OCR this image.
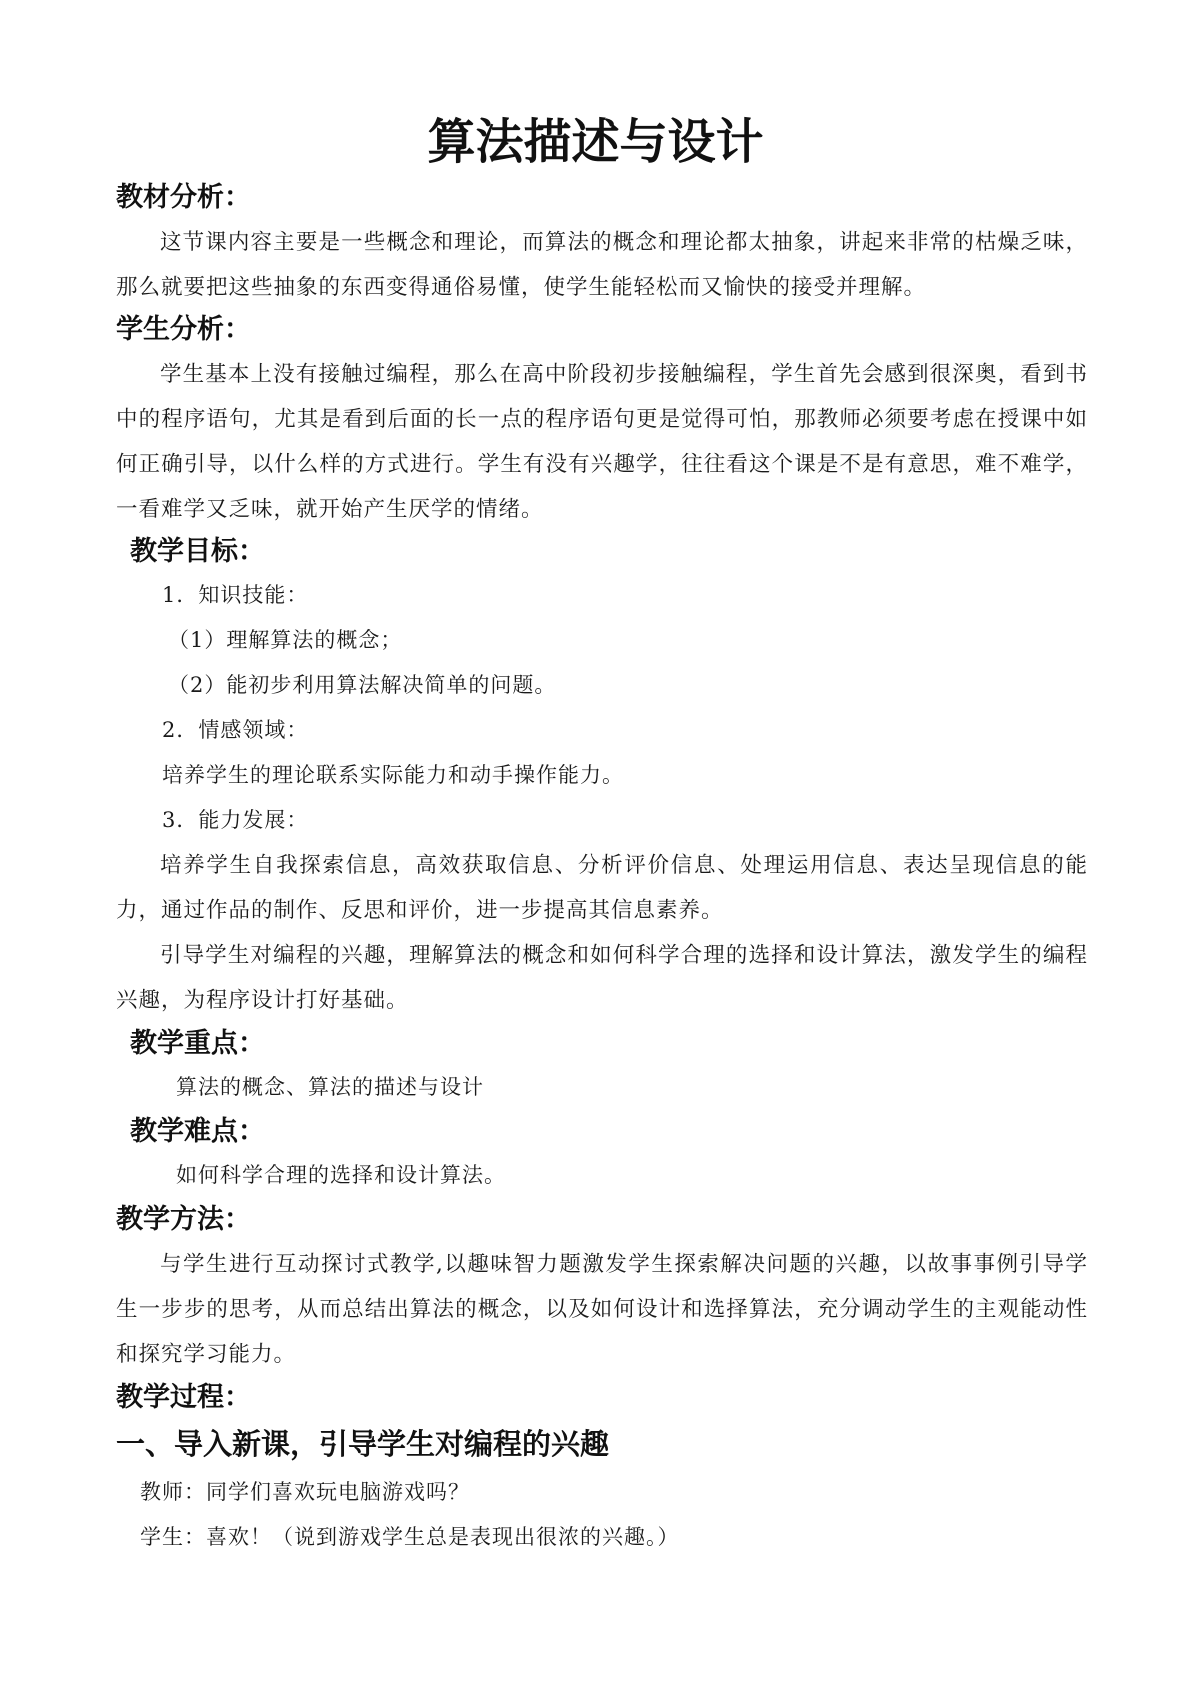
算法描述与设计
教材分析：

这节课内容主要是一些概念和理论，而算法的概念和理论都太抽象，讲起来非常的枯燥乏味，那么就要把这些抽象的东西变得通俗易懂，使学生能轻松而又愉快的接受并理解。

学生分析：

学生基本上没有接触过编程，那么在高中阶段初步接触编程，学生首先会感到很深奥，看到书中的程序语句，尤其是看到后面的长一点的程序语句更是觉得可怕，那教师必须要考虑在授课中如何正确引导，以什么样的方式进行。学生有没有兴趣学，往往看这个课是不是有意思，难不难学，一看难学又乏味，就开始产生厌学的情绪。

教学目标：

1．知识技能：

（1）理解算法的概念；

（2）能初步利用算法解决简单的问题。

2．情感领域：

培养学生的理论联系实际能力和动手操作能力。

3．能力发展：

培养学生自我探索信息，高效获取信息、分析评价信息、处理运用信息、表达呈现信息的能力，通过作品的制作、反思和评价，进一步提高其信息素养。

引导学生对编程的兴趣，理解算法的概念和如何科学合理的选择和设计算法，激发学生的编程兴趣，为程序设计打好基础。

教学重点：

算法的概念、算法的描述与设计

教学难点：

如何科学合理的选择和设计算法。

教学方法：

与学生进行互动探讨式教学,以趣味智力题激发学生探索解决问题的兴趣，以故事事例引导学生一步步的思考，从而总结出算法的概念，以及如何设计和选择算法，充分调动学生的主观能动性和探究学习能力。

教学过程：
一、导入新课，引导学生对编程的兴趣

教师：同学们喜欢玩电脑游戏吗？

学生：喜欢！（说到游戏学生总是表现出很浓的兴趣。）
